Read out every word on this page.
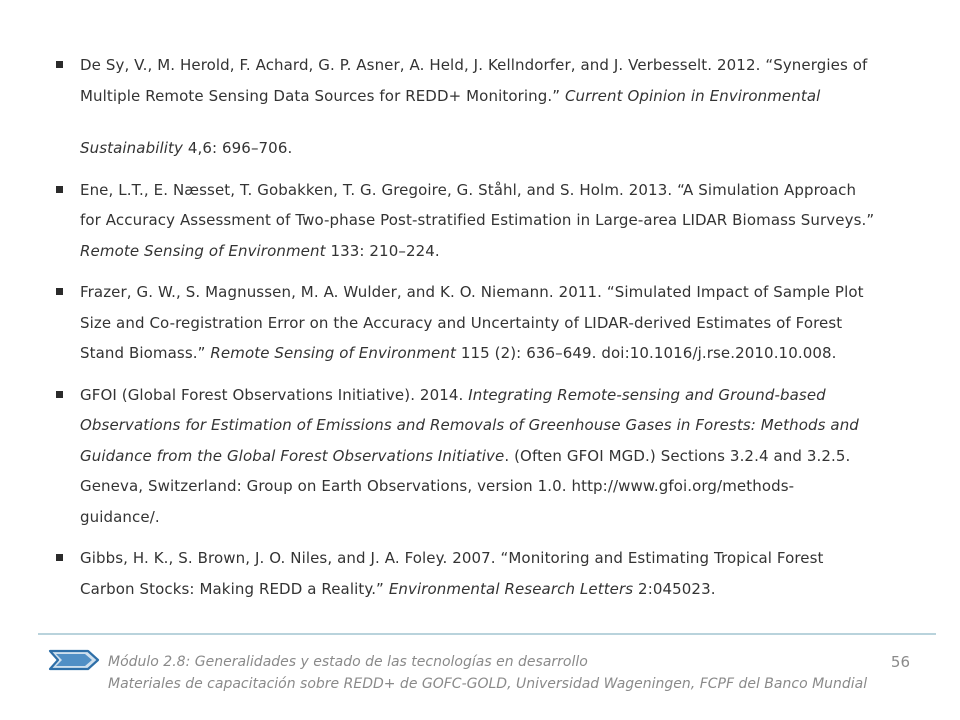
De Sy, V., M. Herold, F. Achard, G. P. Asner, A. Held, J. Kellndorfer, and J. Verbesselt. 2012. “Synergies of
Multiple Remote Sensing Data Sources for REDD+ Monitoring.” Current Opinion in Environmental
Sustainability 4,6: 696–706.
Ene, L.T., E. Næsset, T. Gobakken, T. G. Gregoire, G. Ståhl, and S. Holm. 2013. “A Simulation Approach
for Accuracy Assessment of Two-phase Post-stratified Estimation in Large-area LIDAR Biomass Surveys.”
Remote Sensing of Environment 133: 210–224.
Frazer, G. W., S. Magnussen, M. A. Wulder, and K. O. Niemann. 2011. “Simulated Impact of Sample Plot
Size and Co-registration Error on the Accuracy and Uncertainty of LIDAR-derived Estimates of Forest
Stand Biomass.” Remote Sensing of Environment 115 (2): 636–649. doi:10.1016/j.rse.2010.10.008.
GFOI (Global Forest Observations Initiative). 2014. Integrating Remote-sensing and Ground-based
Observations for Estimation of Emissions and Removals of Greenhouse Gases in Forests: Methods and
Guidance from the Global Forest Observations Initiative. (Often GFOI MGD.) Sections 3.2.4 and 3.2.5.
Geneva, Switzerland: Group on Earth Observations, version 1.0. http://www.gfoi.org/methods-
guidance/.
Gibbs, H. K., S. Brown, J. O. Niles, and J. A. Foley. 2007. “Monitoring and Estimating Tropical Forest
Carbon Stocks: Making REDD a Reality.” Environmental Research Letters 2:045023.
Módulo 2.8: Generalidades y estado de las tecnologías en desarrollo	56
Materiales de capacitación sobre REDD+ de GOFC-GOLD, Universidad Wageningen, FCPF del Banco Mundial
